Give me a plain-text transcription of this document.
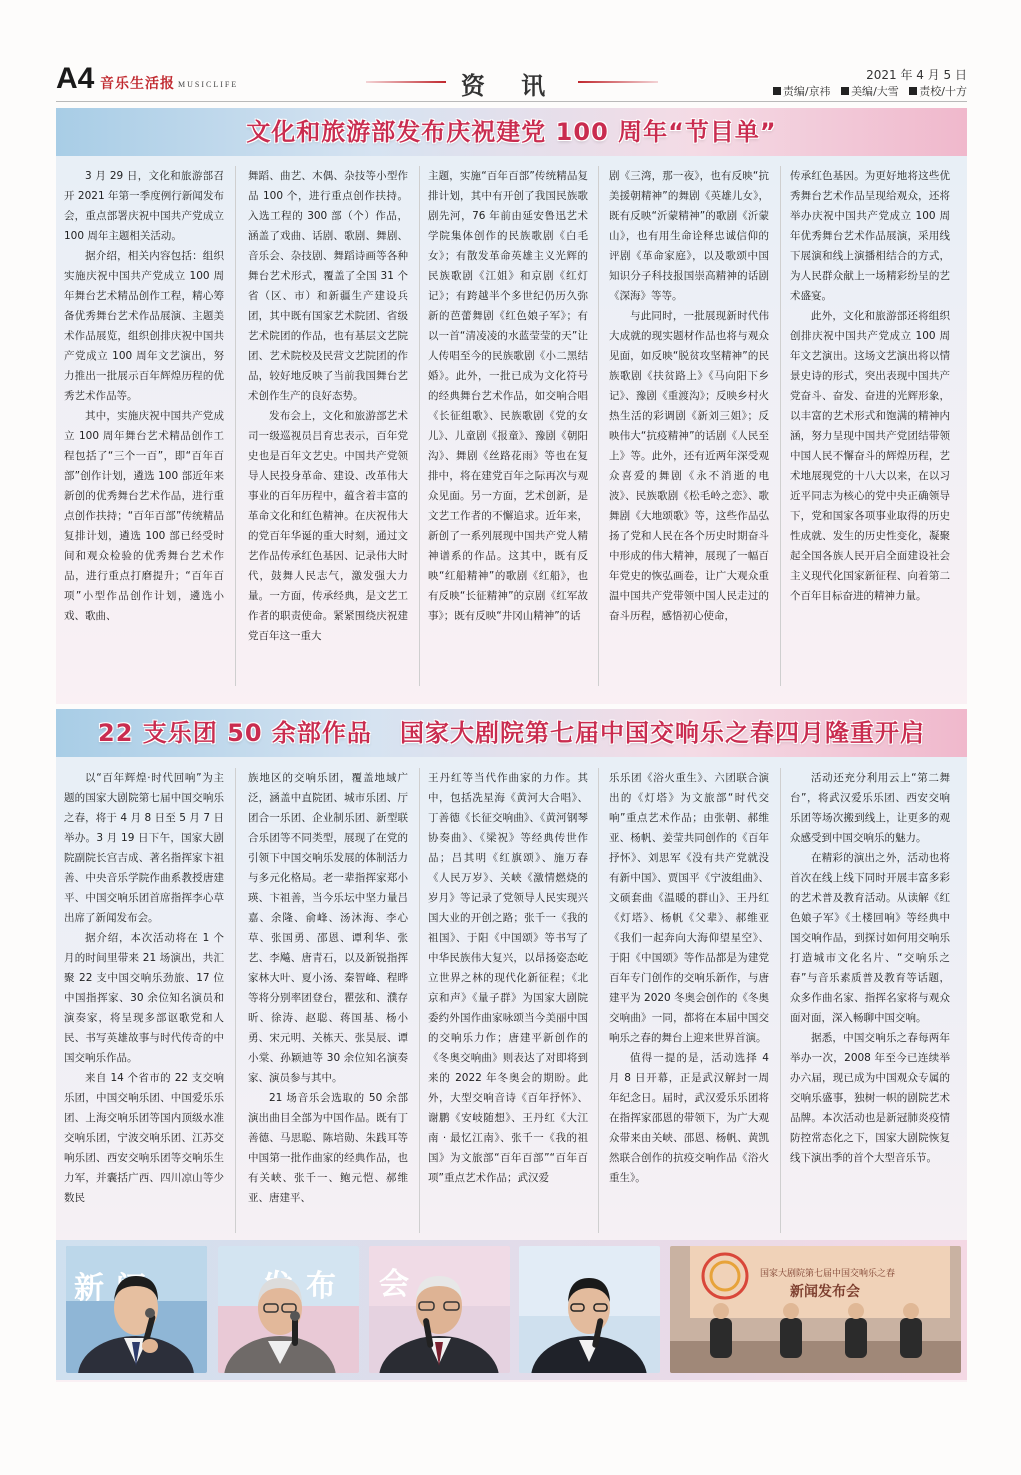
A4 音乐生活报 MUSICLIFE	资 讯	2021 年 4 月 5 日
责编/京祎 美编/大雪 责校/十方
文化和旅游部发布庆祝建党 100 周年“节目单”

3 月 29 日，文化和旅游部召开 2021 年第一季度例行新闻发布会，重点部署庆祝中国共产党成立 100 周年主题相关活动。

据介绍，相关内容包括：组织实施庆祝中国共产党成立 100 周年舞台艺术精品创作工程，精心筹备优秀舞台艺术作品展演、主题美术作品展览，组织创排庆祝中国共产党成立 100 周年文艺演出，努力推出一批展示百年辉煌历程的优秀艺术作品等。

其中，实施庆祝中国共产党成立 100 周年舞台艺术精品创作工程包括了“三个一百”，即“百年百部”创作计划，遴选 100 部近年来新创的优秀舞台艺术作品，进行重点创作扶持；“百年百部”传统精品复排计划，遴选 100 部已经受时间和观众检验的优秀舞台艺术作品，进行重点打磨提升；“百年百项”小型作品创作计划，遴选小戏、歌曲、

舞蹈、曲艺、木偶、杂技等小型作品 100 个，进行重点创作扶持。入选工程的 300 部（个）作品，涵盖了戏曲、话剧、歌剧、舞剧、音乐会、杂技剧、舞蹈诗画等各种舞台艺术形式，覆盖了全国 31 个省（区、市）和新疆生产建设兵团，其中既有国家艺术院团、省级艺术院团的作品，也有基层文艺院团、艺术院校及民营文艺院团的作品，较好地反映了当前我国舞台艺术创作生产的良好态势。

发布会上，文化和旅游部艺术司一级巡视员吕育忠表示，百年党史也是百年文艺史。中国共产党领导人民投身革命、建设、改革伟大事业的百年历程中，蕴含着丰富的革命文化和红色精神。在庆祝伟大的党百年华诞的重大时刻，通过文艺作品传承红色基因、记录伟大时代，鼓舞人民志气，激发强大力量。一方面，传承经典，是文艺工作者的职责使命。紧紧围绕庆祝建党百年这一重大

主题，实施“百年百部”传统精品复排计划，其中有开创了我国民族歌剧先河，76 年前由延安鲁迅艺术学院集体创作的民族歌剧《白毛女》；有散发革命英雄主义光辉的民族歌剧《江姐》和京剧《红灯记》；有跨越半个多世纪仍历久弥新的芭蕾舞剧《红色娘子军》；有以一首“清凌凌的水蓝莹莹的天”让人传唱至今的民族歌剧《小二黑结婚》。此外，一批已成为文化符号的经典舞台艺术作品，如交响合唱《长征组歌》、民族歌剧《党的女儿》、儿童剧《报童》、豫剧《朝阳沟》、舞剧《丝路花雨》等也在复排中，将在建党百年之际再次与观众见面。另一方面，艺术创新，是文艺工作者的不懈追求。近年来，新创了一系列展现中国共产党人精神谱系的作品。这其中，既有反映“红船精神”的歌剧《红船》，也有反映“长征精神”的京剧《红军故事》；既有反映“井冈山精神”的话

剧《三湾，那一夜》，也有反映“抗美援朝精神”的舞剧《英雄儿女》，既有反映“沂蒙精神”的歌剧《沂蒙山》，也有用生命诠释忠诚信仰的评剧《革命家庭》，以及歌颂中国知识分子科技报国崇高精神的话剧《深海》等等。

与此同时，一批展现新时代伟大成就的现实题材作品也将与观众见面，如反映“脱贫攻坚精神”的民族歌剧《扶贫路上》《马向阳下乡记》、豫剧《重渡沟》；反映乡村火热生活的彩调剧《新刘三姐》；反映伟大“抗疫精神”的话剧《人民至上》等。此外，还有近两年深受观众喜爱的舞剧《永不消逝的电波》、民族歌剧《松毛岭之恋》、歌舞剧《大地颂歌》等，这些作品弘扬了党和人民在各个历史时期奋斗中形成的伟大精神，展现了一幅百年党史的恢弘画卷，让广大观众重温中国共产党带领中国人民走过的奋斗历程，感悟初心使命，

传承红色基因。为更好地将这些优秀舞台艺术作品呈现给观众，还将举办庆祝中国共产党成立 100 周年优秀舞台艺术作品展演，采用线下展演和线上演播相结合的方式，为人民群众献上一场精彩纷呈的艺术盛宴。

此外，文化和旅游部还将组织创排庆祝中国共产党成立 100 周年文艺演出。这场文艺演出将以情景史诗的形式，突出表现中国共产党奋斗、奋发、奋进的光辉形象，以丰富的艺术形式和饱满的精神内涵，努力呈现中国共产党团结带领中国人民不懈奋斗的辉煌历程，艺术地展现党的十八大以来，在以习近平同志为核心的党中央正确领导下，党和国家各项事业取得的历史性成就、发生的历史性变化，凝聚起全国各族人民开启全面建设社会主义现代化国家新征程、向着第二个百年目标奋进的精神力量。

22 支乐团 50 余部作品   国家大剧院第七届中国交响乐之春四月隆重开启

以“百年辉煌·时代回响”为主题的国家大剧院第七届中国交响乐之春，将于 4 月 8 日至 5 月 7 日举办。3 月 19 日下午，国家大剧院副院长宫吉成、著名指挥家卞祖善、中央音乐学院作曲系教授唐建平、中国交响乐团首席指挥李心草出席了新闻发布会。

据介绍，本次活动将在 1 个月的时间里带来 21 场演出，共汇聚 22 支中国交响乐劲旅、17 位中国指挥家、30 余位知名演员和演奏家，将呈现多部讴歌党和人民、书写英雄故事与时代传奇的中国交响乐作品。

来自 14 个省市的 22 支交响乐团，中国交响乐团、中国爱乐乐团、上海交响乐团等国内顶级水准交响乐团，宁波交响乐团、江苏交响乐团、西安交响乐团等交响乐生力军，并囊括广西、四川凉山等少数民

族地区的交响乐团，覆盖地域广泛，涵盖中直院团、城市乐团、厅团合一乐团、企业制乐团、新型联合乐团等不同类型，展现了在党的引领下中国交响乐发展的体制活力与多元化格局。老一辈指挥家郑小瑛、卞祖善，当今乐坛中坚力量吕嘉、余隆、俞峰、汤沐海、李心草、张国勇、邵恩、谭利华、张艺、李飚、唐青石，以及新锐指挥家林大叶、夏小汤、秦智峰、程晔等将分别率团登台，瞿弦和、濮存昕、徐涛、赵聪、蒋国基、杨小勇、宋元明、关栋天、张昊辰、谭小棠、孙颖迪等 30 余位知名演奏家、演员参与其中。

21 场音乐会选取的 50 余部演出曲目全部为中国作品。既有丁善德、马思聪、陈培勋、朱践耳等中国第一批作曲家的经典作品，也有关峡、张千一、鲍元恺、郝维亚、唐建平、

王丹红等当代作曲家的力作。其中，包括冼星海《黄河大合唱》、丁善德《长征交响曲》、《黄河钢琴协奏曲》、《梁祝》等经典传世作品；吕其明《红旗颂》、施万春《人民万岁》、关峡《激情燃烧的岁月》等记录了党领导人民实现兴国大业的开创之路；张千一《我的祖国》、于阳《中国颂》等书写了中华民族伟大复兴，以昂扬姿态屹立世界之林的现代化新征程；《北京和声》《量子群》为国家大剧院委约外国作曲家咏颂当今美丽中国的交响乐力作；唐建平新创作的《冬奥交响曲》则表达了对即将到来的 2022 年冬奥会的期盼。此外，大型交响音诗《百年抒怀》、谢鹏《安岐随想》、王丹红《大江南 · 最忆江南》、张千一《我的祖国》为文旅部“百年百部”“百年百项”重点艺术作品；武汉爱

乐乐团《浴火重生》、六团联合演出的《灯塔》为文旅部“时代交响”重点艺术作品；由张朝、郝维亚、杨帆、姜莹共同创作的《百年抒怀》、刘思军《没有共产党就没有新中国》、贾国平《宁波组曲》、文硕套曲《温暖的群山》、王丹红《灯塔》、杨帆《父辈》、郝维亚《我们一起奔向大海仰望星空》、于阳《中国颂》等作品都是为建党百年专门创作的交响乐新作，与唐建平为 2020 冬奥会创作的《冬奥交响曲》一同，都将在本届中国交响乐之春的舞台上迎来世界首演。

值得一提的是，活动选择 4 月 8 日开幕，正是武汉解封一周年纪念日。届时，武汉爱乐乐团将在指挥家邵恩的带领下，为广大观众带来由关峡、邵恩、杨帆、黄凯然联合创作的抗疫交响作品《浴火重生》。

活动还充分利用云上“第二舞台”，将武汉爱乐乐团、西安交响乐团等场次搬到线上，让更多的观众感受到中国交响乐的魅力。

在精彩的演出之外，活动也将首次在线上线下同时开展丰富多彩的艺术普及教育活动。从读解《红色娘子军》《土楼回响》等经典中国交响作品，到探讨如何用交响乐打造城市文化名片、“交响乐之春”与音乐素质普及教育等话题，众多作曲名家、指挥名家将与观众面对面，深入畅聊中国交响。

据悉，中国交响乐之春每两年举办一次，2008 年至今已连续举办六届，现已成为中国观众专属的交响乐盛事，独树一帜的剧院艺术品牌。本次活动也是新冠肺炎疫情防控常态化之下，国家大剧院恢复线下演出季的首个大型音乐节。

新	布 会	国家大剧院第七届中国交响乐之春
新闻发布会
